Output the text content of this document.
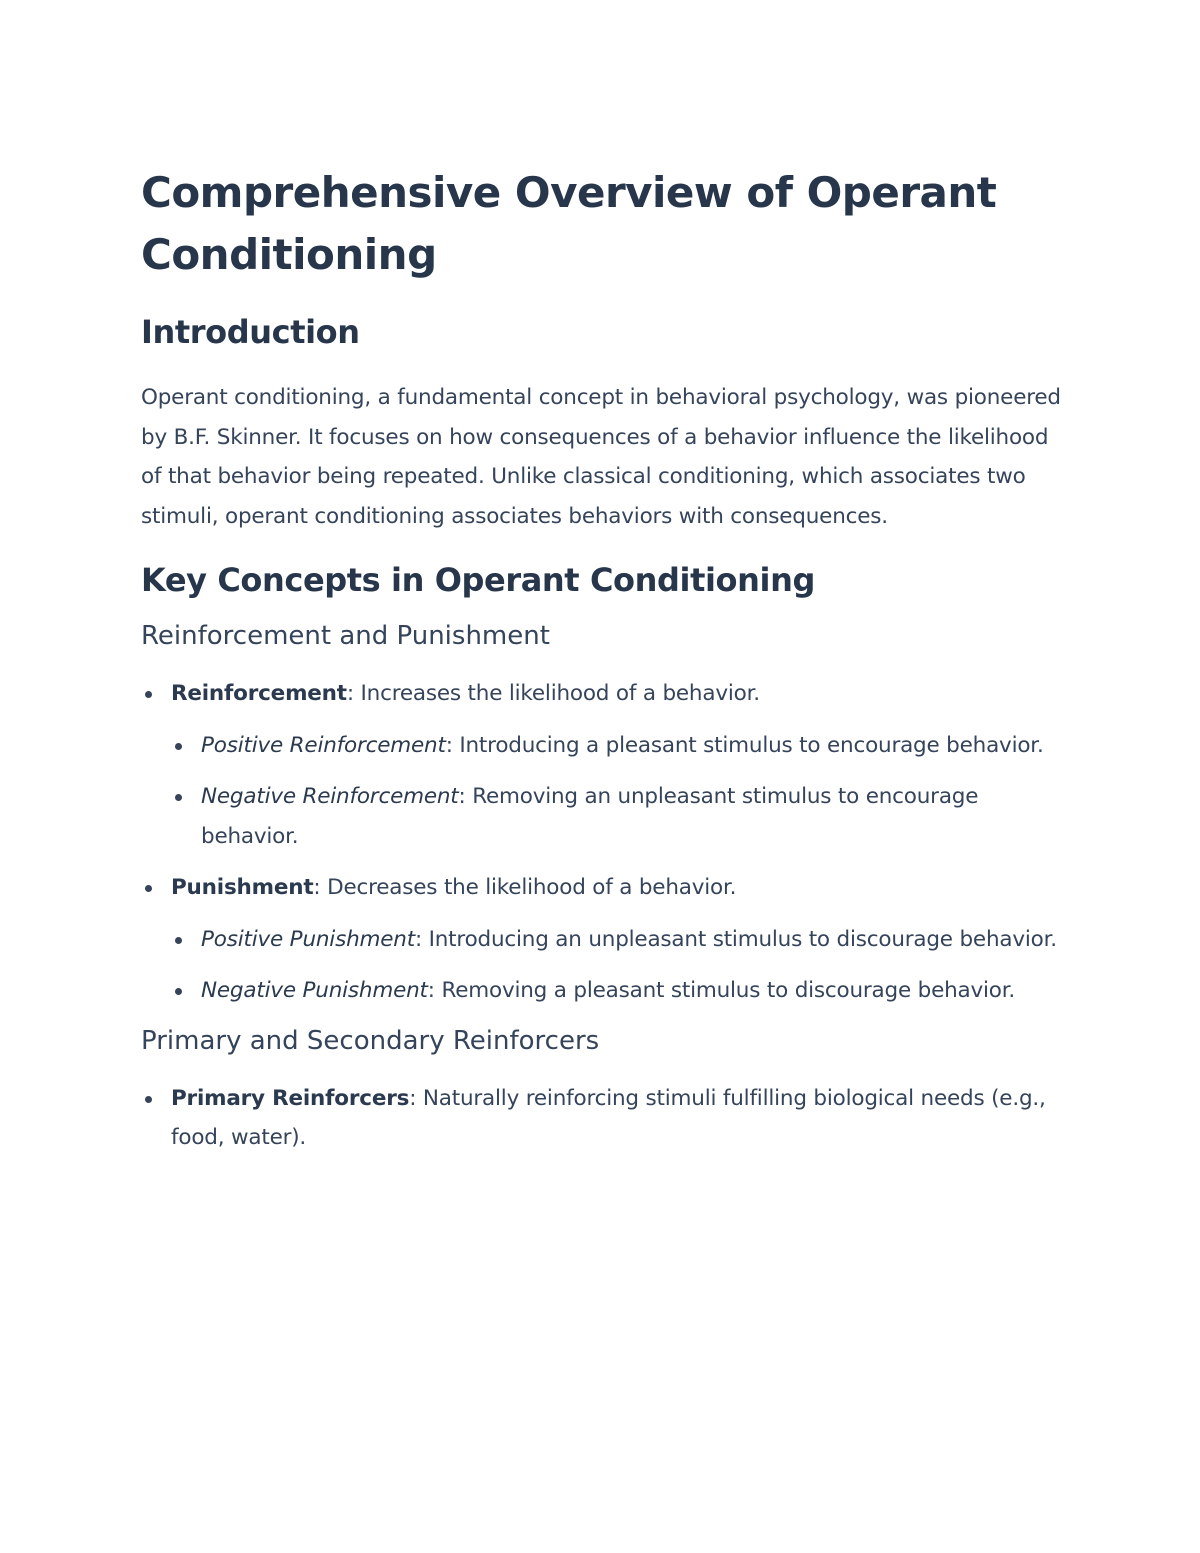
Comprehensive Overview of Operant Conditioning
Introduction

Operant conditioning, a fundamental concept in behavioral psychology, was pioneered by B.F. Skinner. It focuses on how consequences of a behavior influence the likelihood of that behavior being repeated. Unlike classical conditioning, which associates two stimuli, operant conditioning associates behaviors with consequences.

Key Concepts in Operant Conditioning
Reinforcement and Punishment
Reinforcement: Increases the likelihood of a behavior.
Positive Reinforcement: Introducing a pleasant stimulus to encourage behavior.
Negative Reinforcement: Removing an unpleasant stimulus to encourage behavior.
Punishment: Decreases the likelihood of a behavior.
Positive Punishment: Introducing an unpleasant stimulus to discourage behavior.
Negative Punishment: Removing a pleasant stimulus to discourage behavior.
Primary and Secondary Reinforcers
Primary Reinforcers: Naturally reinforcing stimuli fulfilling biological needs (e.g., food, water).
